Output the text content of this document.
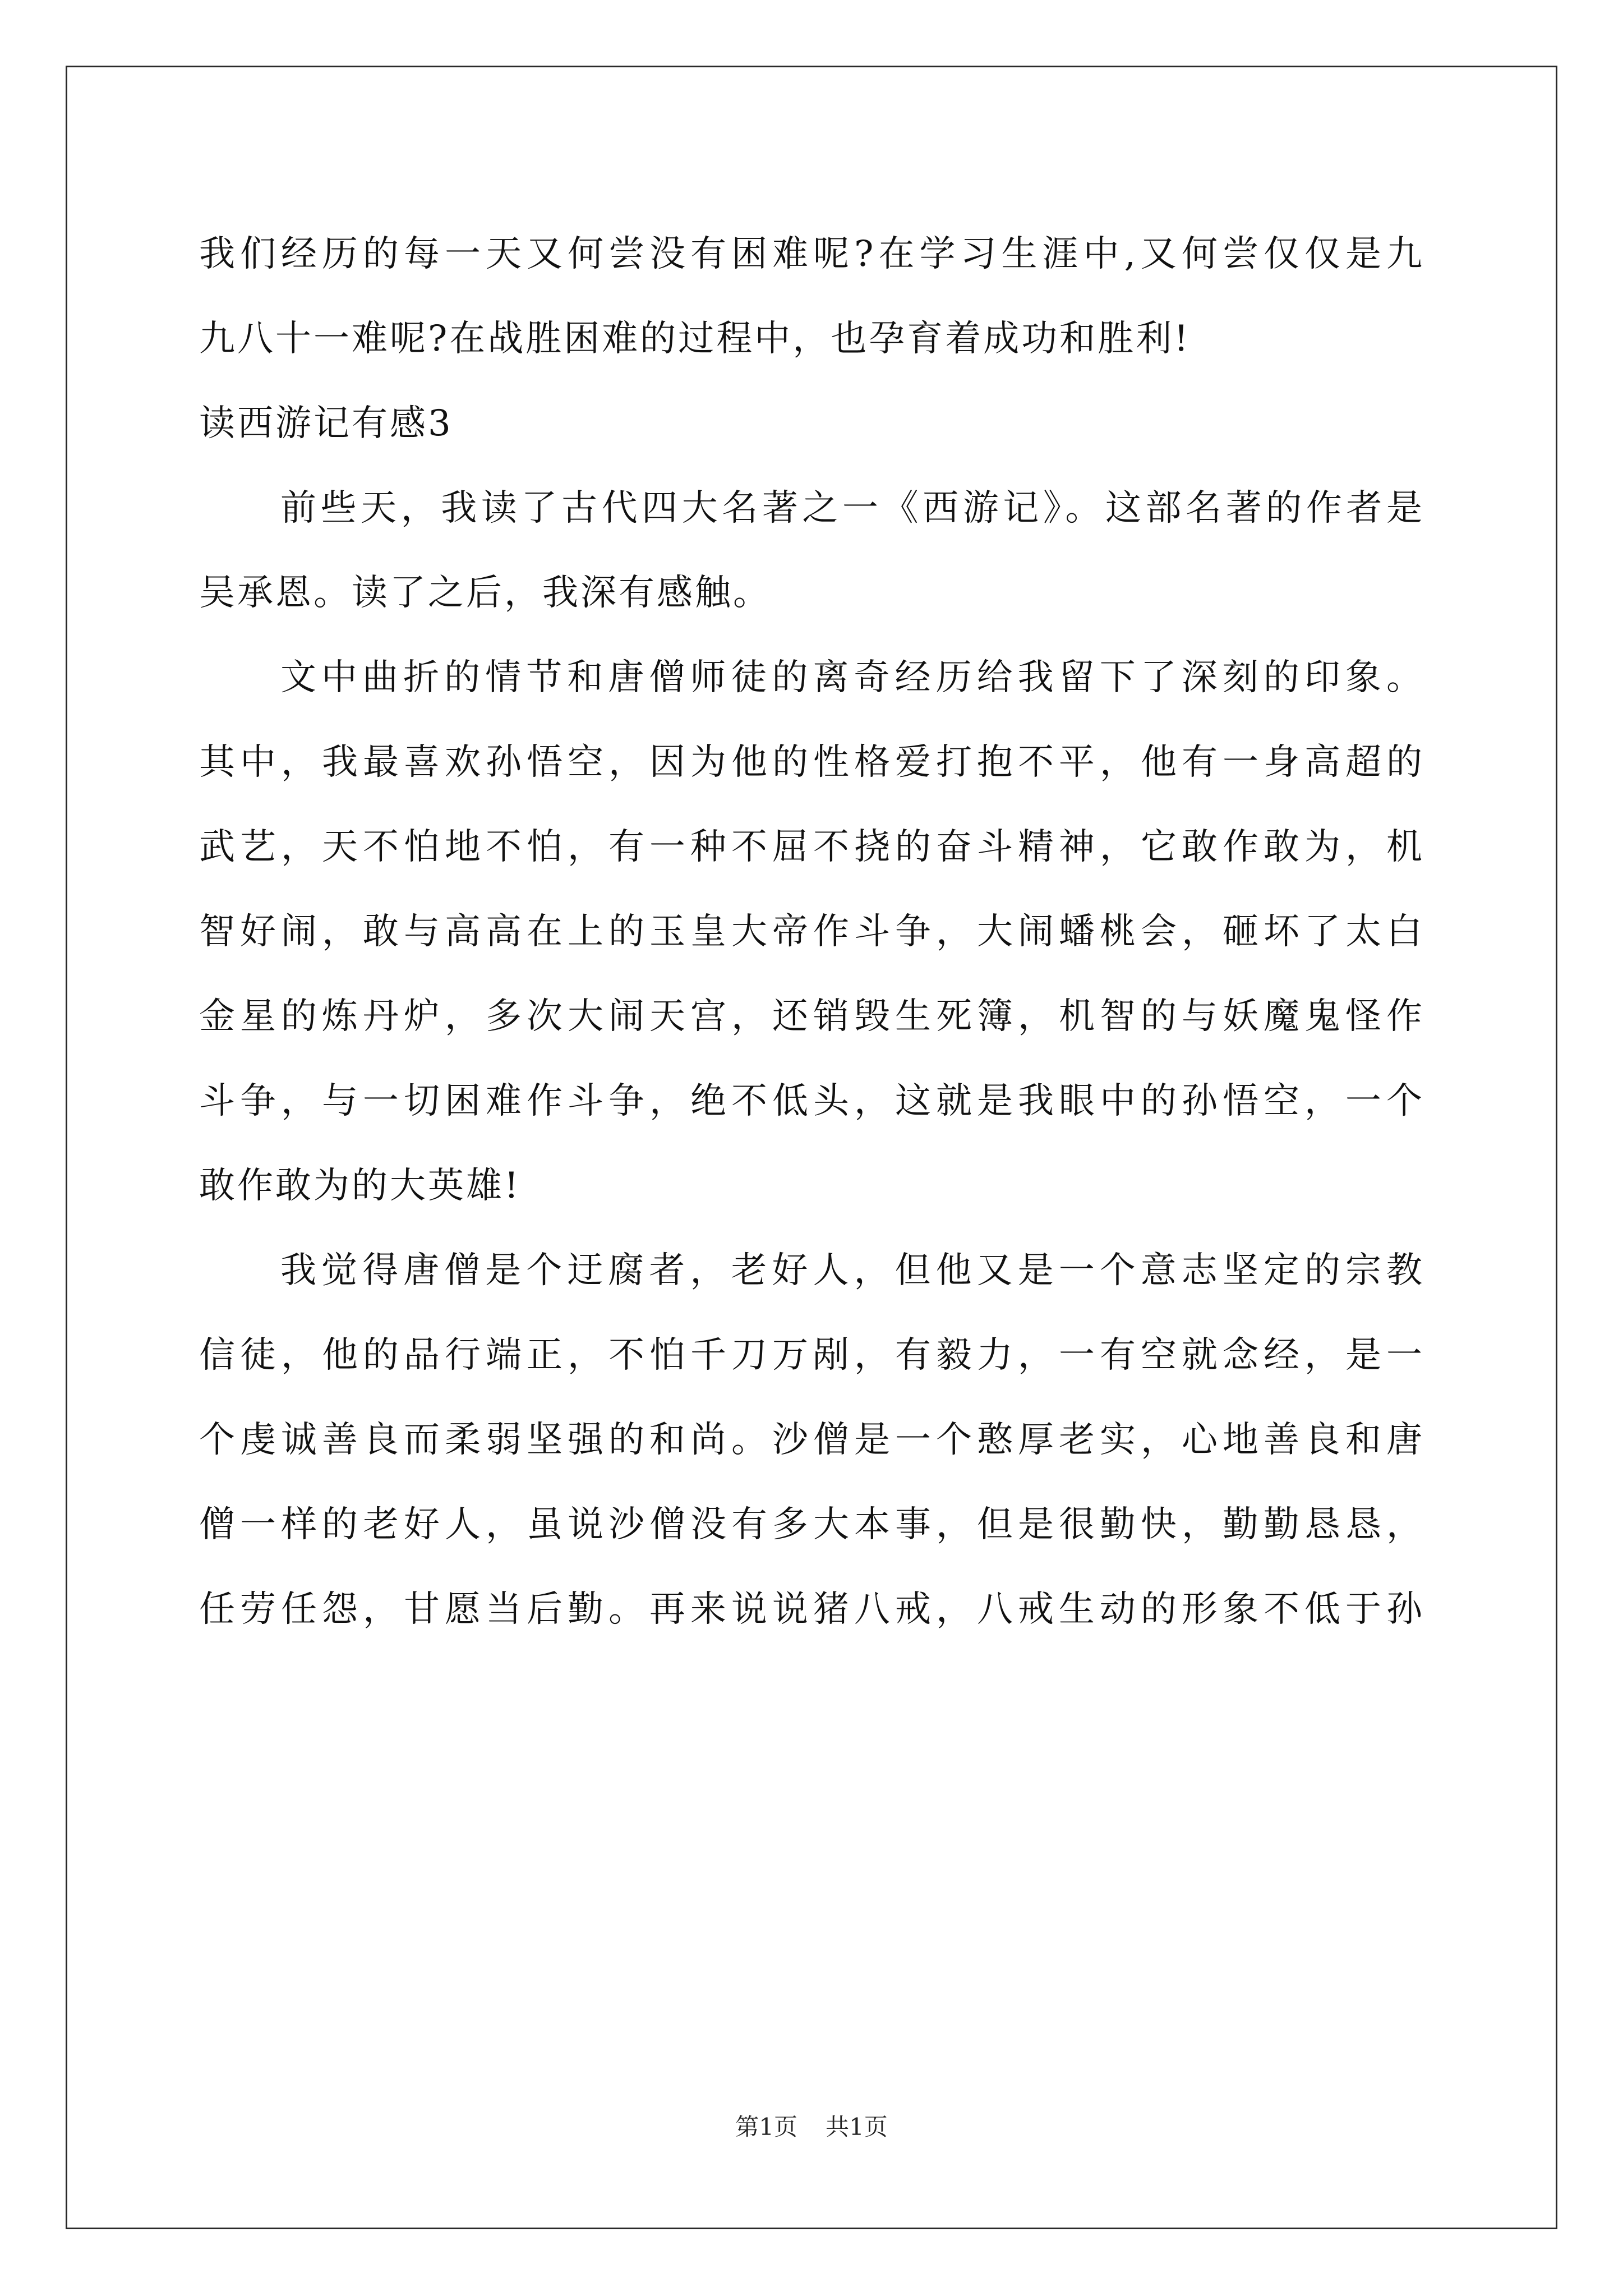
我们经历的每一天又何尝没有困难呢?在学习生涯中,又何尝仅仅是九
九八十一难呢?在战胜困难的过程中，也孕育着成功和胜利!
读西游记有感3
前些天，我读了古代四大名著之一《西游记》。这部名著的作者是
吴承恩。读了之后，我深有感触。
文中曲折的情节和唐僧师徒的离奇经历给我留下了深刻的印象。
其中，我最喜欢孙悟空，因为他的性格爱打抱不平，他有一身高超的
武艺，天不怕地不怕，有一种不屈不挠的奋斗精神，它敢作敢为，机
智好闹，敢与高高在上的玉皇大帝作斗争，大闹蟠桃会，砸坏了太白
金星的炼丹炉，多次大闹天宫，还销毁生死簿，机智的与妖魔鬼怪作
斗争，与一切困难作斗争，绝不低头，这就是我眼中的孙悟空，一个
敢作敢为的大英雄!
我觉得唐僧是个迂腐者，老好人，但他又是一个意志坚定的宗教
信徒，他的品行端正，不怕千刀万剐，有毅力，一有空就念经，是一
个虔诚善良而柔弱坚强的和尚。沙僧是一个憨厚老实，心地善良和唐
僧一样的老好人，虽说沙僧没有多大本事，但是很勤快，勤勤恳恳，
任劳任怨，甘愿当后勤。再来说说猪八戒，八戒生动的形象不低于孙
第1页 共1页
